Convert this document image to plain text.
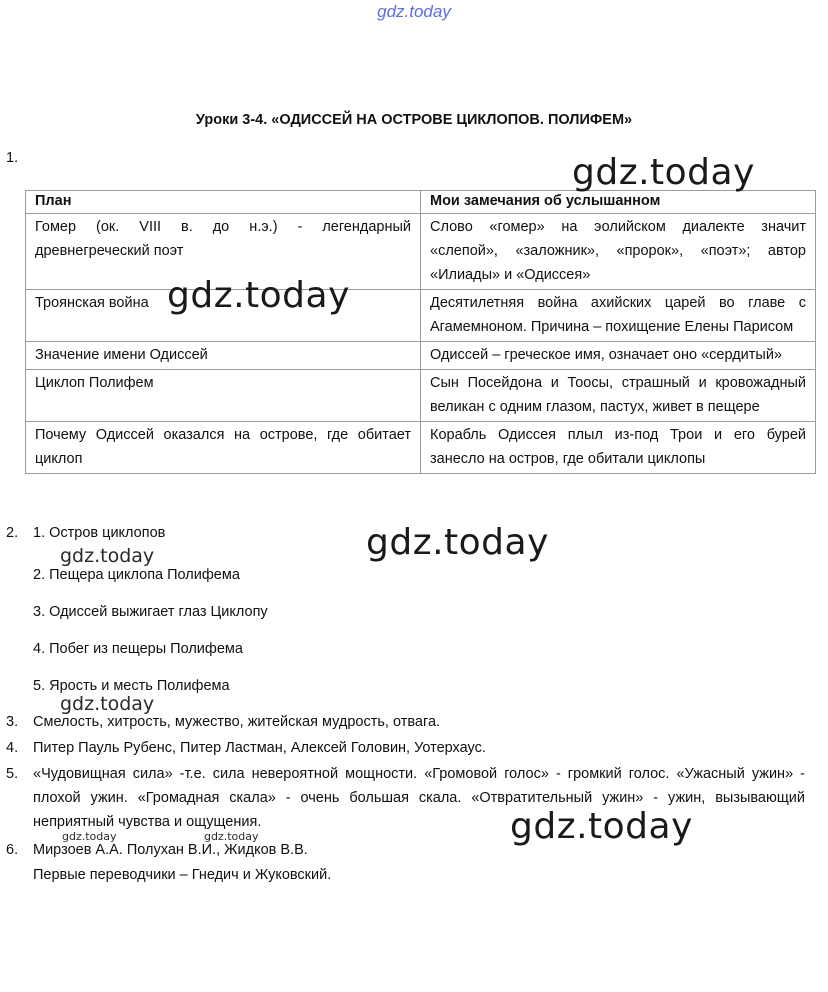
gdz.today
Уроки 3-4. «ОДИССЕЙ НА ОСТРОВЕ ЦИКЛОПОВ. ПОЛИФЕМ»
1.
План	Мои замечания об услышанном
Гомер (ок. VIII в. до н.э.) - легендарный древнегреческий поэт	Слово «гомер» на эолийском диалекте значит «слепой», «заложник», «пророк», «поэт»; автор «Илиады» и «Одиссея»
Троянская война	Десятилетняя война ахийских царей во главе с Агамемноном. Причина – похищение Елены Парисом
Значение имени Одиссей	Одиссей – греческое имя, означает оно «сердитый»
Циклоп Полифем	Сын Посейдона и Тоосы, страшный и кровожадный великан с одним глазом, пастух, живет в пещере
Почему Одиссей оказался на острове, где обитает циклоп	Корабль Одиссея плыл из-под Трои и его бурей занесло на остров, где обитали циклопы
2. 1. Остров циклопов
2. Пещера циклопа Полифема
3. Одиссей выжигает глаз Циклопу
4. Побег из пещеры Полифема
5. Ярость и месть Полифема
3. Смелость, хитрость, мужество, житейская мудрость, отвага.
4. Питер Пауль Рубенс, Питер Ластман, Алексей Головин, Уотерхаус.
5. «Чудовищная сила» -т.е. сила невероятной мощности. «Громовой голос» - громкий голос. «Ужасный ужин» - плохой ужин. «Громадная скала» - очень большая скала. «Отвратительный ужин» - ужин, вызывающий неприятный чувства и ощущения.
6. Мирзоев А.А. Полухан В.И., Жидков В.В.
Первые переводчики – Гнедич и Жуковский.
gdz.today
gdz.today
gdz.today
gdz.today
gdz.today
gdz.today
gdz.today	gdz.today
